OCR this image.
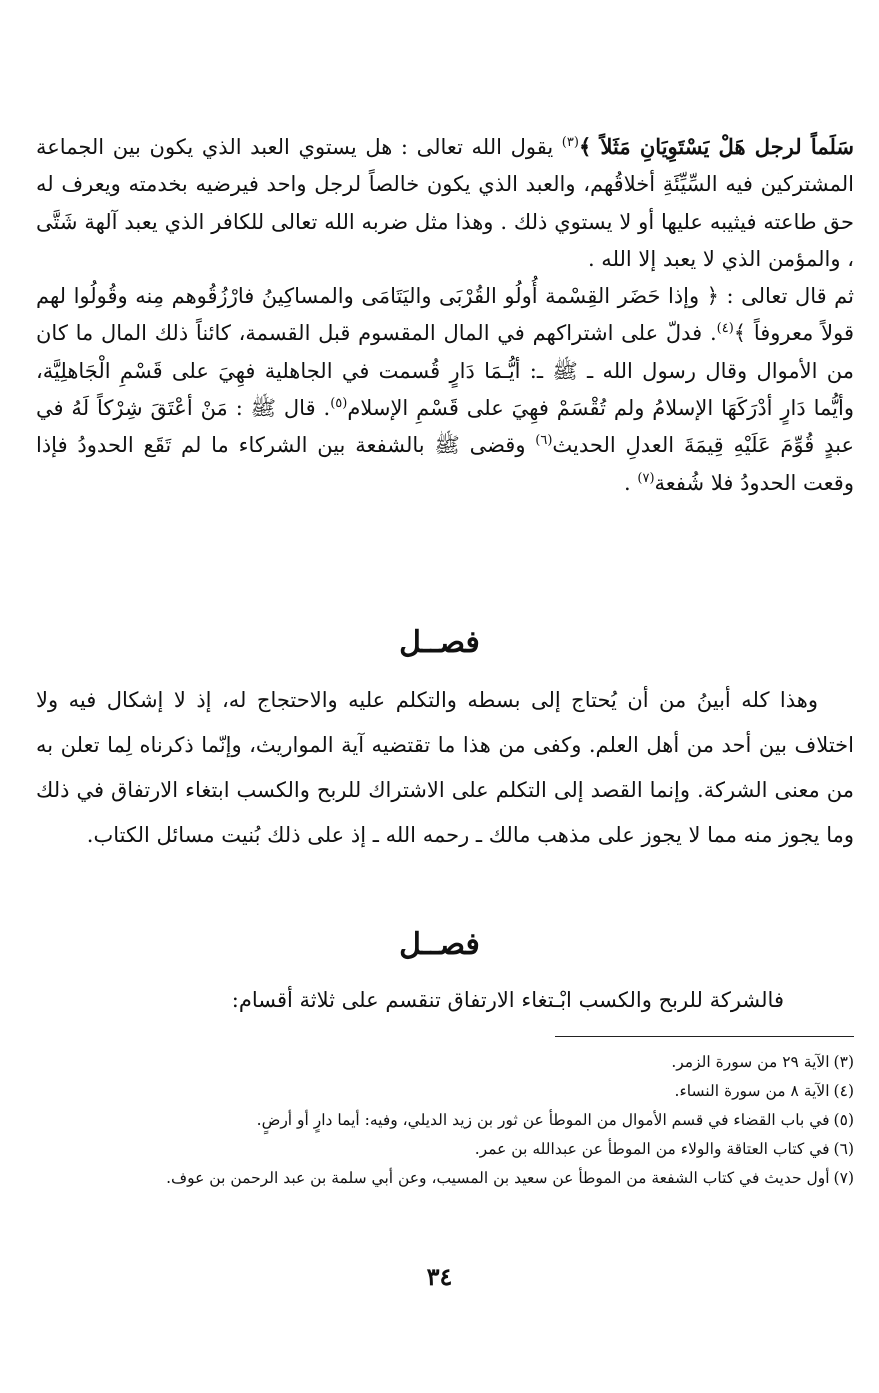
سَلَماً لرجل هَلْ يَسْتَوِيَانِ مَثَلاً ﴾$^{(٣)}$ يقول الله تعالى : هل يستوي العبد الذي يكون بين الجماعة المشتركين فيه السِّيِّئَةِ أخلاقُهم، والعبد الذي يكون خالصاً لرجل واحد فيرضيه بخدمته ويعرف له حق طاعته فيثيبه عليها أو لا يستوي ذلك . وهذا مثل ضربه الله تعالى للكافر الذي يعبد آلهة شَتَّى ، والمؤمن الذي لا يعبد إلا الله .

ثم قال تعالى : ﴿ وإذا حَضَر القِسْمة أُولُو القُرْبَى واليَتَامَى والمساكِينُ فارْزُقُوهم مِنه وقُولُوا لهم قولاً معروفاً ﴾$^{(٤)}$. فدلّ على اشتراكهم في المال المقسوم قبل القسمة، كائناً ذلك المال ما كان من الأموال وقال رسول الله ـ ﷺ ـ: أيُّـمَا دَارٍ قُسمت في الجاهلية فهِيَ على قَسْمِ الْجَاهلِيَّة، وأيُّما دَارٍ أدْرَكَهَا الإسلامُ ولم تُقْسَمْ فهِيَ على قَسْمِ الإسلام$^{(٥)}$. قال ﷺ : مَنْ أعْتَقَ شِرْكاً لَهُ في عبدٍ قُوِّمَ عَلَيْهِ قِيمَةَ العدلِ الحديث$^{(٦)}$ وقضى ﷺ بالشفعة بين الشركاء ما لم تَقَع الحدودُ فإذا وقعت الحدودُ فلا شُفعة$^{(٧)}$ .

فصــل

وهذا كله أبينُ من أن يُحتاج إلى بسطه والتكلم عليه والاحتجاج له، إذ لا إشكال فيه ولا اختلاف بين أحد من أهل العلم. وكفى من هذا ما تقتضيه آية المواريث، وإنّما ذكرناه لِما تعلن به من معنى الشركة. وإنما القصد إلى التكلم على الاشتراك للربح والكسب ابتغاء الارتفاق في ذلك وما يجوز منه مما لا يجوز على مذهب مالك ـ رحمه الله ـ إذ على ذلك بُنيت مسائل الكتاب.

فصــل

فالشركة للربح والكسب ابْـتغاء الارتفاق تنقسم على ثلاثة أقسام:

(٣)الآية ٢٩ من سورة الزمر.

(٤)الآية ٨ من سورة النساء.

(٥)في باب القضاء في قسم الأموال من الموطأ عن ثور بن زيد الديلي، وفيه: أيما دارٍ أو أرضٍ.

(٦)في كتاب العتاقة والولاء من الموطأ عن عبدالله بن عمر.

(٧)أول حديث في كتاب الشفعة من الموطأ عن سعيد بن المسيب، وعن أبي سلمة بن عبد الرحمن بن عوف.

٣٤
